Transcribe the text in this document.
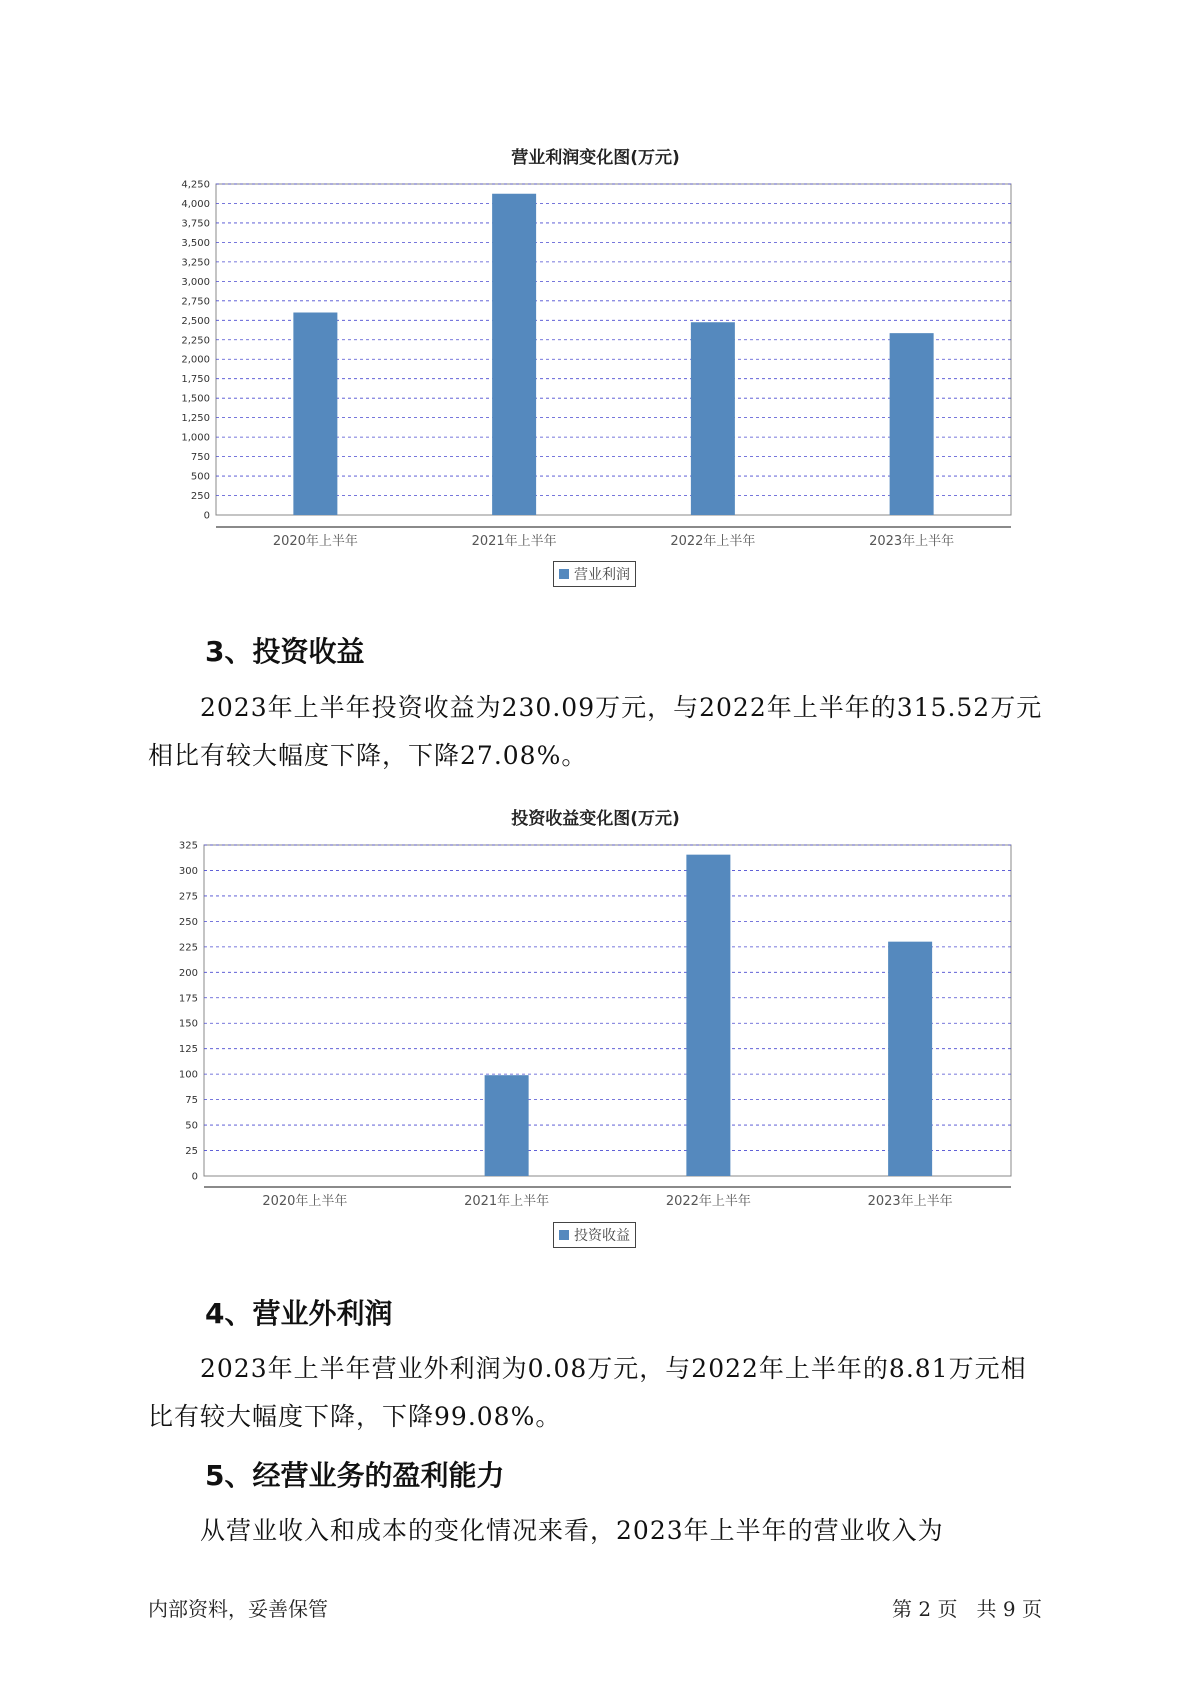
营业利润变化图(万元)
0
250
500
750
1,000
1,250
1,500
1,750
2,000
2,250
2,500
2,750
3,000
3,250
3,500
3,750
4,000
4,250
2020年上半年	2021年上半年	2022年上半年	2023年上半年
营业利润
3、投资收益
2023年上半年投资收益为230.09万元，与2022年上半年的315.52万元
相比有较大幅度下降，下降27.08%。
投资收益变化图(万元)
0
25
50
75
100
125
150
175
200
225
250
275
300
325
2020年上半年	2021年上半年	2022年上半年	2023年上半年
投资收益
4、营业外利润
2023年上半年营业外利润为0.08万元，与2022年上半年的8.81万元相
比有较大幅度下降，下降99.08%。
5、经营业务的盈利能力
从营业收入和成本的变化情况来看，2023年上半年的营业收入为
内部资料，妥善保管	第 2 页   共 9 页
